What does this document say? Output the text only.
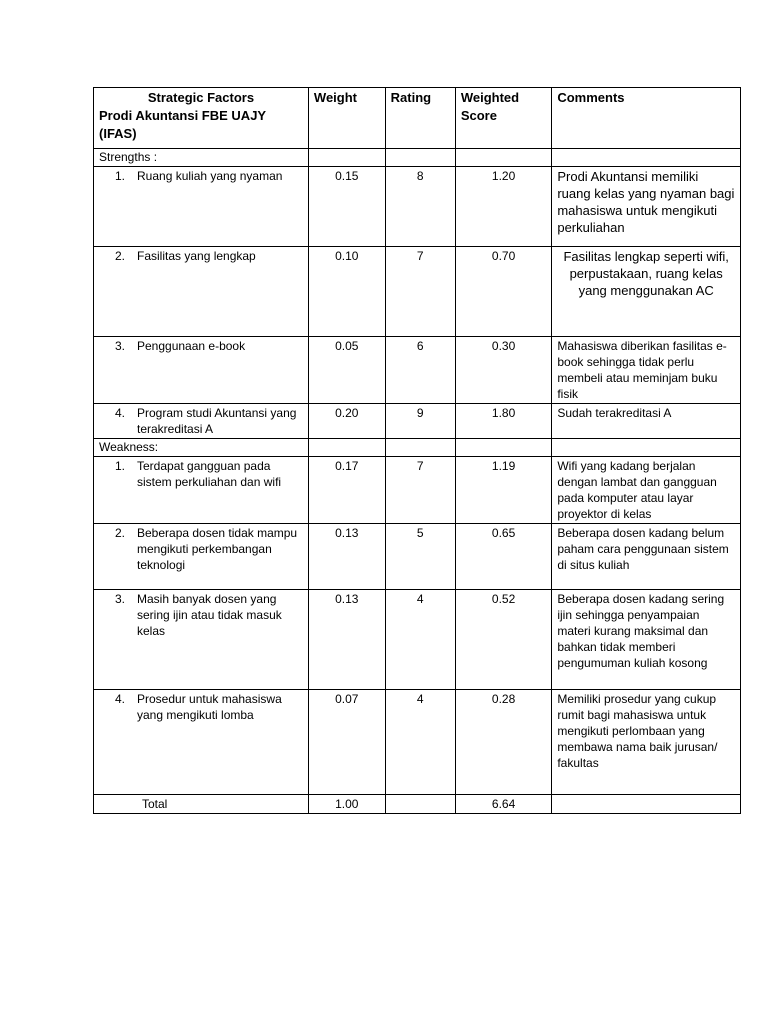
Strategic Factors
Prodi Akuntansi FBE UAJY
(IFAS)	Weight	Rating	Weighted Score	Comments
Strengths :				

1. Ruang kuliah yang nyaman	0.15	8	1.20	Prodi Akuntansi memiliki ruang kelas yang nyaman bagi mahasiswa untuk mengikuti perkuliahan

2. Fasilitas yang lengkap	0.10	7	0.70	Fasilitas lengkap seperti wifi, perpustakaan, ruang kelas yang menggunakan AC

3. Penggunaan e-book	0.05	6	0.30	Mahasiswa diberikan fasilitas e-book sehingga tidak perlu membeli atau meminjam buku fisik

4. Program studi Akuntansi yang terakreditasi A	0.20	9	1.80	Sudah terakreditasi A
Weakness:				

1. Terdapat gangguan pada sistem perkuliahan dan wifi	0.17	7	1.19	Wifi yang kadang berjalan dengan lambat dan gangguan pada komputer atau layar proyektor di kelas

2. Beberapa dosen tidak mampu mengikuti perkembangan teknologi	0.13	5	0.65	Beberapa dosen kadang belum paham cara penggunaan sistem di situs kuliah

3. Masih banyak dosen yang sering ijin atau tidak masuk kelas	0.13	4	0.52	Beberapa dosen kadang sering ijin sehingga penyampaian materi kurang maksimal dan bahkan tidak memberi pengumuman kuliah kosong

4. Prosedur untuk mahasiswa yang mengikuti lomba	0.07	4	0.28	Memiliki prosedur yang cukup rumit bagi mahasiswa untuk mengikuti perlombaan yang membawa nama baik jurusan/ fakultas
Total	1.00		6.64	
